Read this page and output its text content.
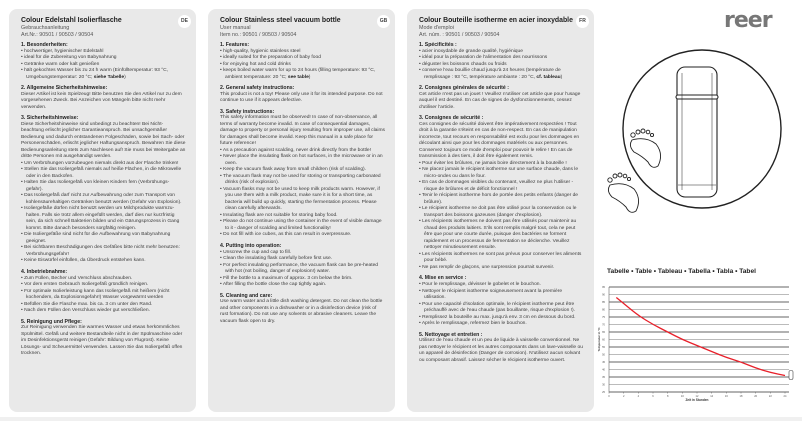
DE
Colour Edelstahl Isolierflasche
Gebrauchsanleitung
Art.Nr.: 90501 / 90503 / 90504
1. Besonderheiten:
• hochwertiger, hygienischer Edelstahl
• ideal für die Zubereitung von Babynahrung
• Getränke warm oder kalt genießen
• hält gekochtes Wasser bis zu 24 h warm (Einfülltemperatur: 93 °C, Umgebungstemperatur: 20 °C; siehe Tabelle)
2. Allgemeine Sicherheitshinweise:
Dieser Artikel ist kein Spielzeug! Bitte benutzen Sie den Artikel nur zu dem vorgesehenen Zweck. Bei Anzeichen von Mängeln bitte nicht mehr verwenden.
3. Sicherheitshinweise:
Diese Sicherheitshinweise sind unbedingt zu beachten! Bei Nicht-beachtung erlischt jeglicher Garantieanspruch. Bei unsachgemäßer Bedienung und dadurch entstandenen Folgeschäden, sowie bei Sach- oder Personenschäden, erlischt jeglicher Haftungsanspruch. Bewahren Sie diese Bedienungsanleitung stets zum Nachlesen auf! Sie muss bei Weitergabe an dritte Personen mit ausgehändigt werden.
• Um Verbrühungen vorzubeugen niemals direkt aus der Flasche trinken!
• Stellen Sie das Isoliergefäß niemals auf heiße Flächen, in die Mikrowelle oder in den Backofen.
• Halten Sie das Isoliergefäß von kleinen Kindern fern (Verbrühungs-gefahr).
• Das Isoliergefäß darf nicht zur Aufbewahrung oder zum Transport von kohlensäurehaltigen Getränken benutzt werden (Gefahr von Explosion).
• Isoliergefäße dürfen nicht benutzt werden um Milchprodukte warmzu-halten. Falls sie trotz allem eingefüllt werden, darf dies nur kurzfristig sein, da sich schnell Bakterien bilden und ein Gärungsprozess in Gang kommt. Bitte danach besonders sorgfältig reinigen.
• Die Isoliergefäße sind nicht für die Aufbewahrung von Babynahrung geeignet.
• Bei sichtbaren Beschädigungen des Gefäßes bitte nicht mehr benutzen: Verbrühungsgefahr!
• Keine Eiswürfel einfüllen, da Überdruck entstehen kann.
4. Inbetriebnahme:
• Zum Füllen, Becher und Verschluss abschrauben.
• Vor dem ersten Gebrauch Isoliergefäß gründlich reinigen.
• Für optimale Isolierleistung kann das Isoliergefäß mit heißem (nicht kochendem, da Explosionsgefahr!) Wasser vorgewärmt werden
• Befüllen Sie die Flasche max. bis ca. 3 cm unter den Rand.
• Nach dem Füllen den Verschluss wieder gut verschließen.
5. Reinigung und Pflege:
Zur Reinigung verwenden Sie warmes Wasser und etwas herkömmliches Spülmittel. Gefäß und weitere Bestandteile nicht in der Spülmaschine oder im Desinfektionsgerät reinigen (Gefahr: Bildung von Flugrost). Keine Lösungs- und Scheuermittel verwenden. Lassen Sie das Isoliergefäß offen trocknen.
GB
Colour Stainless steel vacuum bottle
User manual
Item no.: 90501 / 90503 / 90504
1. Features:
• high-quality, hygienic stainless steel
• ideally suited for the preparation of baby food
• for enjoying hot and cold drinks
• keeps boiled water warm for up to 24 hours (filling temperature: 93 °C, ambient temperature: 20 °C; see table)
2. General safety instructions:
This product is not a toy! Please only use it for its intended purpose. Do not continue to use if it appears defective.
3. Safety instructions:
This safety information must be observed! In case of non-observance, all terms of warranty become invalid. In case of consequential damages, damage to property or personal injury resulting from improper use, all claims for damages shall become invalid. Keep this manual in a safe place for future reference!
• As a precaution against scalding, never drink directly from the bottle!
• Never place the insulating flask on hot surfaces, in the microwave or in an oven.
• Keep the vacuum flask away from small children (risk of scalding).
• The vacuum flask may not be used for storing or transporting carbonated drinks (risk of explosion).
• Vacuum flasks may not be used to keep milk products warm. However, if you use them with a milk product, make sure it is for a short time, as bacteria will build up quickly, starting the fermentation process. Please clean carefully afterwards.
• Insulating flask are not suitable for storing baby food.
• Please do not continue using the container in the event of visible damage to it - danger of scalding and limited functionality!
• Do not fill with ice cubes, as this can result in overpressure.
4. Putting into operation:
• Unscrew the cup and cap to fill.
• Clean the insulating flask carefully before first use.
• For perfect insulating performance, the vacuum flask can be pre-heated with hot (not boiling, danger of explosion!) water.
• Fill the bottle to a maximum of approx. 3 cm below the brim.
• After filling the bottle close the cap tightly again.
5. Cleaning and care:
Use warm water and a little dish washing detergent. Do not clean the bottle and other components in a dishwasher or in a disinfection device (risk of rust formation). Do not use any solvents or abrasive cleaners. Leave the vacuum flask open to dry.
FR
Colour Bouteille isotherme en acier inoxydable
Mode d'emploi
Art. núm. : 90501 / 90503 / 90504
1. Spécificités :
• acier inoxydable de grande qualité, hygiénique
• idéal pour la préparation de l'alimentation des nourrissons
• déguster les boissons chauds ou froids
• conserve l'eau bouillie chaud jusqu'à 24 heures (température de remplissage : 93 °C, température ambiante : 20 °C, cf. tableau)
2. Consignes générales de sécurité :
Cet article n'est pas un jouet ! Veuillez n'utiliser cet article que pour l'usage auquel il est destiné. En cas de signes de dysfonctionnements, cessez d'utiliser l'article.
3. Consignes de sécurité :
Ces consignes de sécurité doivent être impérativement respectées ! Tout droit à la garantie s'éteint en cas de non-respect. En cas de manipulation incorrecte, tout recours en responsabilité est exclu pour les dommages en découlant ainsi que pour les dommages matériels ou aux personnes. Conservez toujours ce mode d'emploi pour pouvoir le relire ! En cas de transmission à des tiers, il doit être également remis.
• Pour éviter les brûlures, ne jamais boire directement à la bouteille !
• Ne placez jamais le récipient isotherme sur une surface chaude, dans le micro-ondes ou dans le four.
• En cas de dommages visibles du contenant, veuillez ne plus l'utiliser - risque de brûlures et de déficit fonctionnel !
• Tenir le récipient isotherme hors de portée des petits enfants (danger de brûlure).
• Le récipient isotherme ne doit pas être utilisé pour la conservation ou le transport des boissons gazeuses (danger d'explosion).
• Les récipients isothermes ne doivent pas être utilisés pour maintenir au chaud des produits laitiers. S'ils sont remplis malgré tout, cela ne peut être que pour une courte durée, puisque des bactéries se forment rapidement et un processus de fermentation se déclenche. Veuillez nettoyer minutieusement ensuite.
• Les récipients isothermes ne sont pas prévus pour conserver les aliments pour bébé.
• Ne pas remplir de glaçons, une surpression pourrait survenir.
4. Mise en service :
• Pour le remplissage, dévisser le gobelet et le bouchon.
• Nettoyer le récipient isotherme soigneusement avant la première utilisation.
• Pour une capacité d'isolation optimale, le récipient isotherme peut être préchauffé avec de l'eau chaude (pas bouillante, risque d'explosion !).
• Remplissez la bouteille au max. jusqu'à env. 3 cm en dessous du bord.
• Après le remplissage, refermez bien le bouchon.
5. Nettoyage et entretien :
Utilisez de l'eau chaude et un peu de liquide à vaisselle conventionnel. Ne pas nettoyer le récipient et les autres composants dans un lave-vaisselle ou un appareil de désinfection (Danger de corrosion). N'utilisez aucun solvant ou composant abrasif. Laissez sécher le récipient isotherme ouvert.
reer
Tabelle • Table • Tableau • Tabella • Tabla • Tabel
25
30
35
40
45
50
55
60
65
70
75
80
85
90
95
0	2	4	6	8	10	12	14	16	18	20	22	24
Zeit in Stunden
Temperatur in °C
